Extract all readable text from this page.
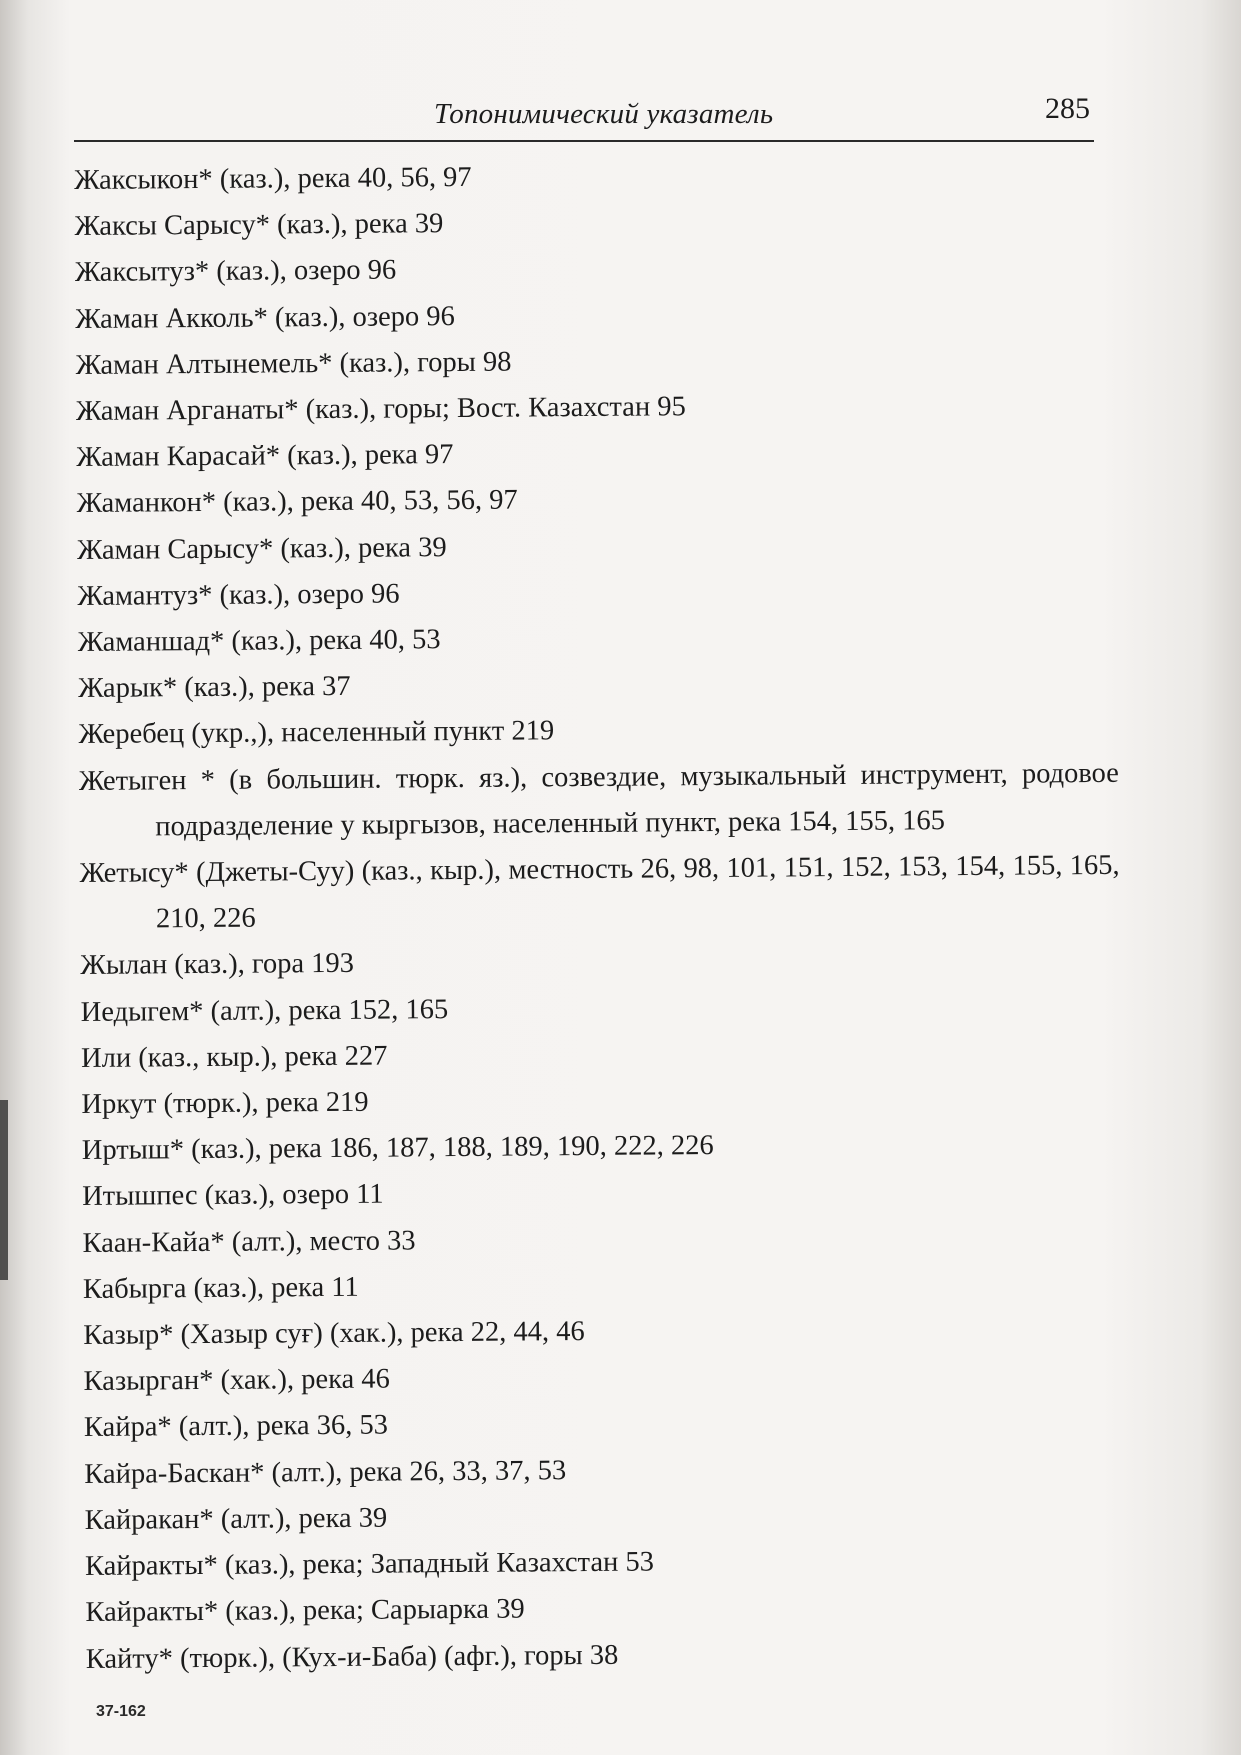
Топонимический указатель	285
Жаксыкон* (каз.), река 40, 56, 97
Жаксы Сарысу* (каз.), река 39
Жаксытуз* (каз.), озеро 96
Жаман Акколь* (каз.), озеро 96
Жаман Алтынемель* (каз.), горы 98
Жаман Арганаты* (каз.), горы; Вост. Казахстан 95
Жаман Карасай* (каз.), река 97
Жаманкон* (каз.), река 40, 53, 56, 97
Жаман Сарысу* (каз.), река 39
Жамантуз* (каз.), озеро 96
Жаманшад* (каз.), река 40, 53
Жарык* (каз.), река 37
Жеребец (укр.,), населенный пункт 219
Жетыген * (в большин. тюрк. яз.), созвездие, музыкальный инструмент, родовое подразделение у кыргызов, населенный пункт, река 154, 155, 165
Жетысу* (Джеты-Суу) (каз., кыр.), местность 26, 98, 101, 151, 152, 153, 154, 155, 165, 210, 226
Жылан (каз.), гора 193
Иедыгем* (алт.), река 152, 165
Или (каз., кыр.), река 227
Иркут (тюрк.), река 219
Иртыш* (каз.), река 186, 187, 188, 189, 190, 222, 226
Итышпес (каз.), озеро 11
Каан-Кайа* (алт.), место 33
Кабырга (каз.), река 11
Казыр* (Хазыр суғ) (хак.), река 22, 44, 46
Казырган* (хак.), река 46
Кайра* (алт.), река 36, 53
Кайра-Баскан* (алт.), река 26, 33, 37, 53
Кайракан* (алт.), река 39
Кайракты* (каз.), река; Западный Казахстан 53
Кайракты* (каз.), река; Сарыарка 39
Кайту* (тюрк.), (Кух-и-Баба) (афг.), горы 38
37-162
